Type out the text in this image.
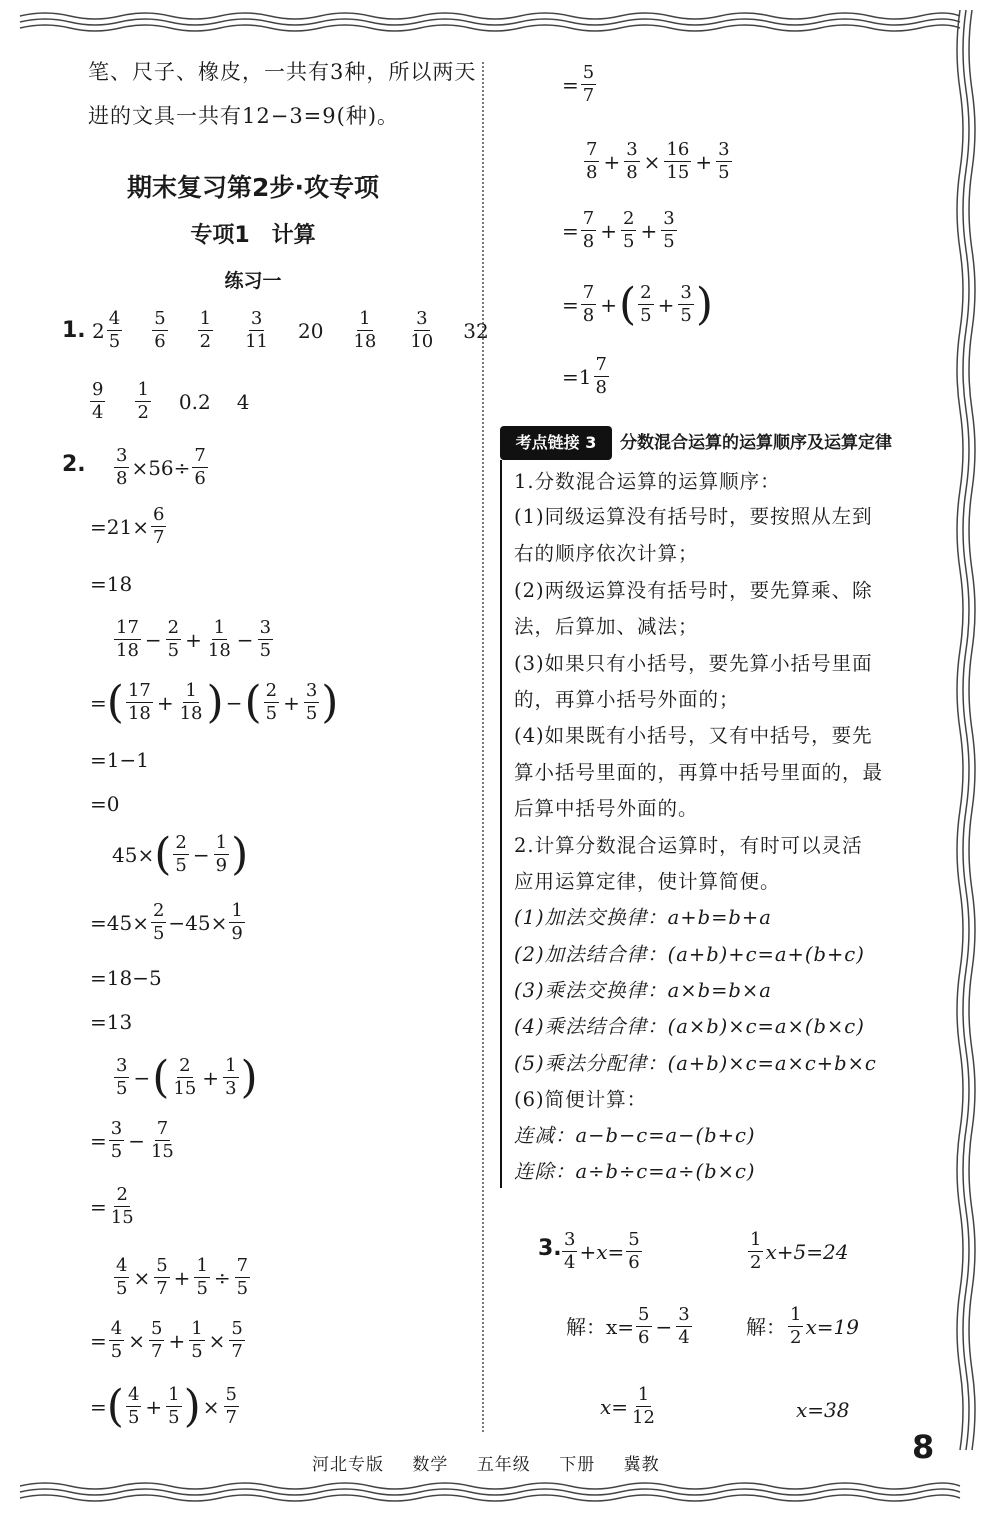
笔、尺子、橡皮，一共有3种，所以两天
进的文具一共有12−3=9(种)。
期末复习第2步·攻专项
专项1　计算
练习一
1. $2 \frac{4}{5} \frac{5}{6} \frac{1}{2} \frac{3}{11} 20 \frac{1}{18} \frac{3}{10} 32$
$\frac{9}{4} \frac{1}{2} 0.2$ 4
2. $\frac{3}{8} \times 56\div \frac{7}{6}$
$=21\times \frac{6}{7}$
=18
$\frac{17}{18} - \frac{2}{5} + \frac{1}{18} - \frac{3}{5}$
= ( $\frac{17}{18} + \frac{1}{18}$ ) − ( $\frac{2}{5} + \frac{3}{5}$ )
=1−1
=0
45× ( $\frac{2}{5} - \frac{1}{9}$ )
$=45\times \frac{2}{5} -45\times \frac{1}{9}$
=18−5
=13
$\frac{3}{5}$ − ( $\frac{2}{15} + \frac{1}{3}$ )
= $\frac{3}{5} - \frac{7}{15}$
= $\frac{2}{15}$
$\frac{4}{5} \times \frac{5}{7} + \frac{1}{5} \div \frac{7}{5}$
= $\frac{4}{5} \times \frac{5}{7} + \frac{1}{5} \times \frac{5}{7}$
= ( $\frac{4}{5} + \frac{1}{5}$ ) × $\frac{5}{7}$
= $\frac{5}{7}$
$\frac{7}{8} + \frac{3}{8} \times \frac{16}{15} + \frac{3}{5}$
= $\frac{7}{8} + \frac{2}{5} + \frac{3}{5}$
= $\frac{7}{8}$ + ( $\frac{2}{5} + \frac{3}{5}$ )
= $1 \frac{7}{8}$
考点链接 3	分数混合运算的运算顺序及运算定律
1.分数混合运算的运算顺序：
(1)同级运算没有括号时，要按照从左到
右的顺序依次计算；
(2)两级运算没有括号时，要先算乘、除
法，后算加、减法；
(3)如果只有小括号，要先算小括号里面
的，再算小括号外面的；
(4)如果既有小括号，又有中括号，要先
算小括号里面的，再算中括号里面的，最
后算中括号外面的。
2.计算分数混合运算时，有时可以灵活
应用运算定律，使计算简便。
(1)加法交换律：a+b=b+a
(2)加法结合律：(a+b)+c=a+(b+c)
(3)乘法交换律：a×b=b×a
(4)乘法结合律：(a×b)×c=a×(b×c)
(5)乘法分配律：(a+b)×c=a×c+b×c
(6)简便计算：
连减：a−b−c=a−(b+c)
连除：a÷b÷c=a÷(b×c)
3. $\frac{3}{4} +x= \frac{5}{6}$	$\frac{1}{2} x+5=24$
解：$x= \frac{5}{6} - \frac{3}{4}$	解： $\frac{1}{2} x=19$
$x= \frac{1}{12}$	x=38
河北专版 数学 五年级 下册 冀教	8
